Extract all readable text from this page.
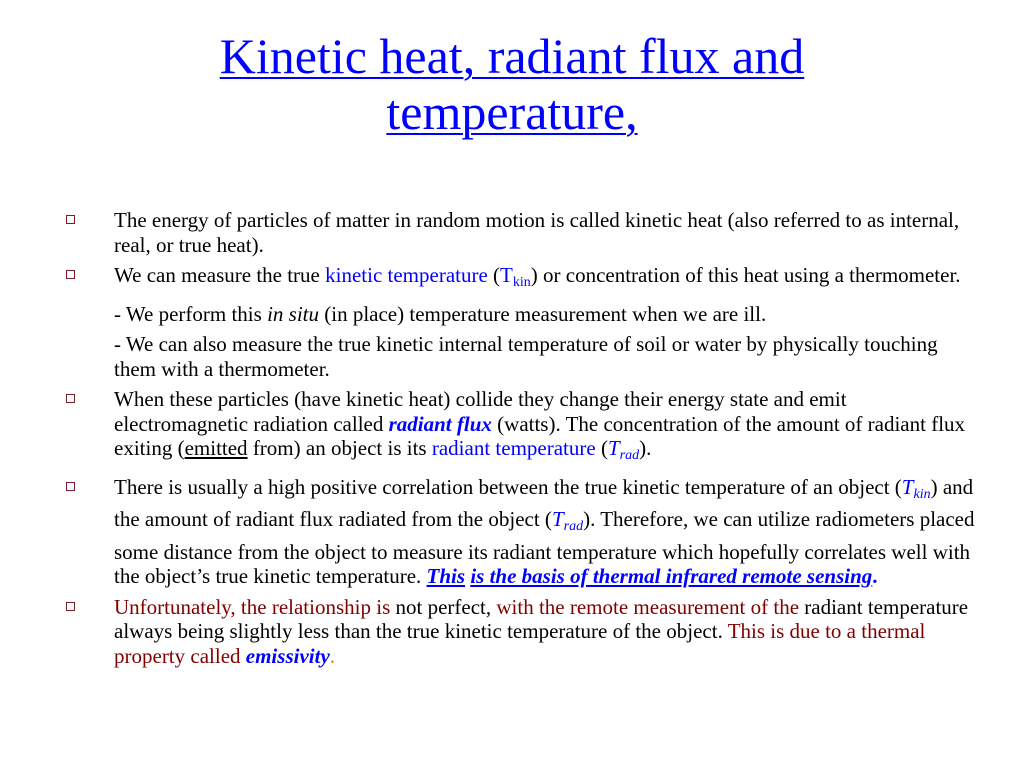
Kinetic heat, radiant flux and
temperature,
The energy of particles of matter in random motion is called kinetic heat (also referred to as internal, real, or true heat).
We can measure the true kinetic temperature (Tkin) or concentration of this heat using a thermometer.
- We perform this in situ (in place) temperature measurement when we are ill.
- We can also measure the true kinetic internal temperature of soil or water by physically touching them with a thermometer.
When these particles (have kinetic heat) collide they change their energy state and emit electromagnetic radiation called radiant flux (watts). The concentration of the amount of radiant flux exiting (emitted from) an object is its radiant temperature (Trad).
There is usually a high positive correlation between the true kinetic temperature of an object (Tkin) and the amount of radiant flux radiated from the object (Trad). Therefore, we can utilize radiometers placed some distance from the object to measure its radiant temperature which hopefully correlates well with the object’s true kinetic temperature. This is the basis of thermal infrared remote sensing.
Unfortunately, the relationship is not perfect, with the remote measurement of the radiant temperature always being slightly less than the true kinetic temperature of the object. This is due to a thermal property called emissivity.
